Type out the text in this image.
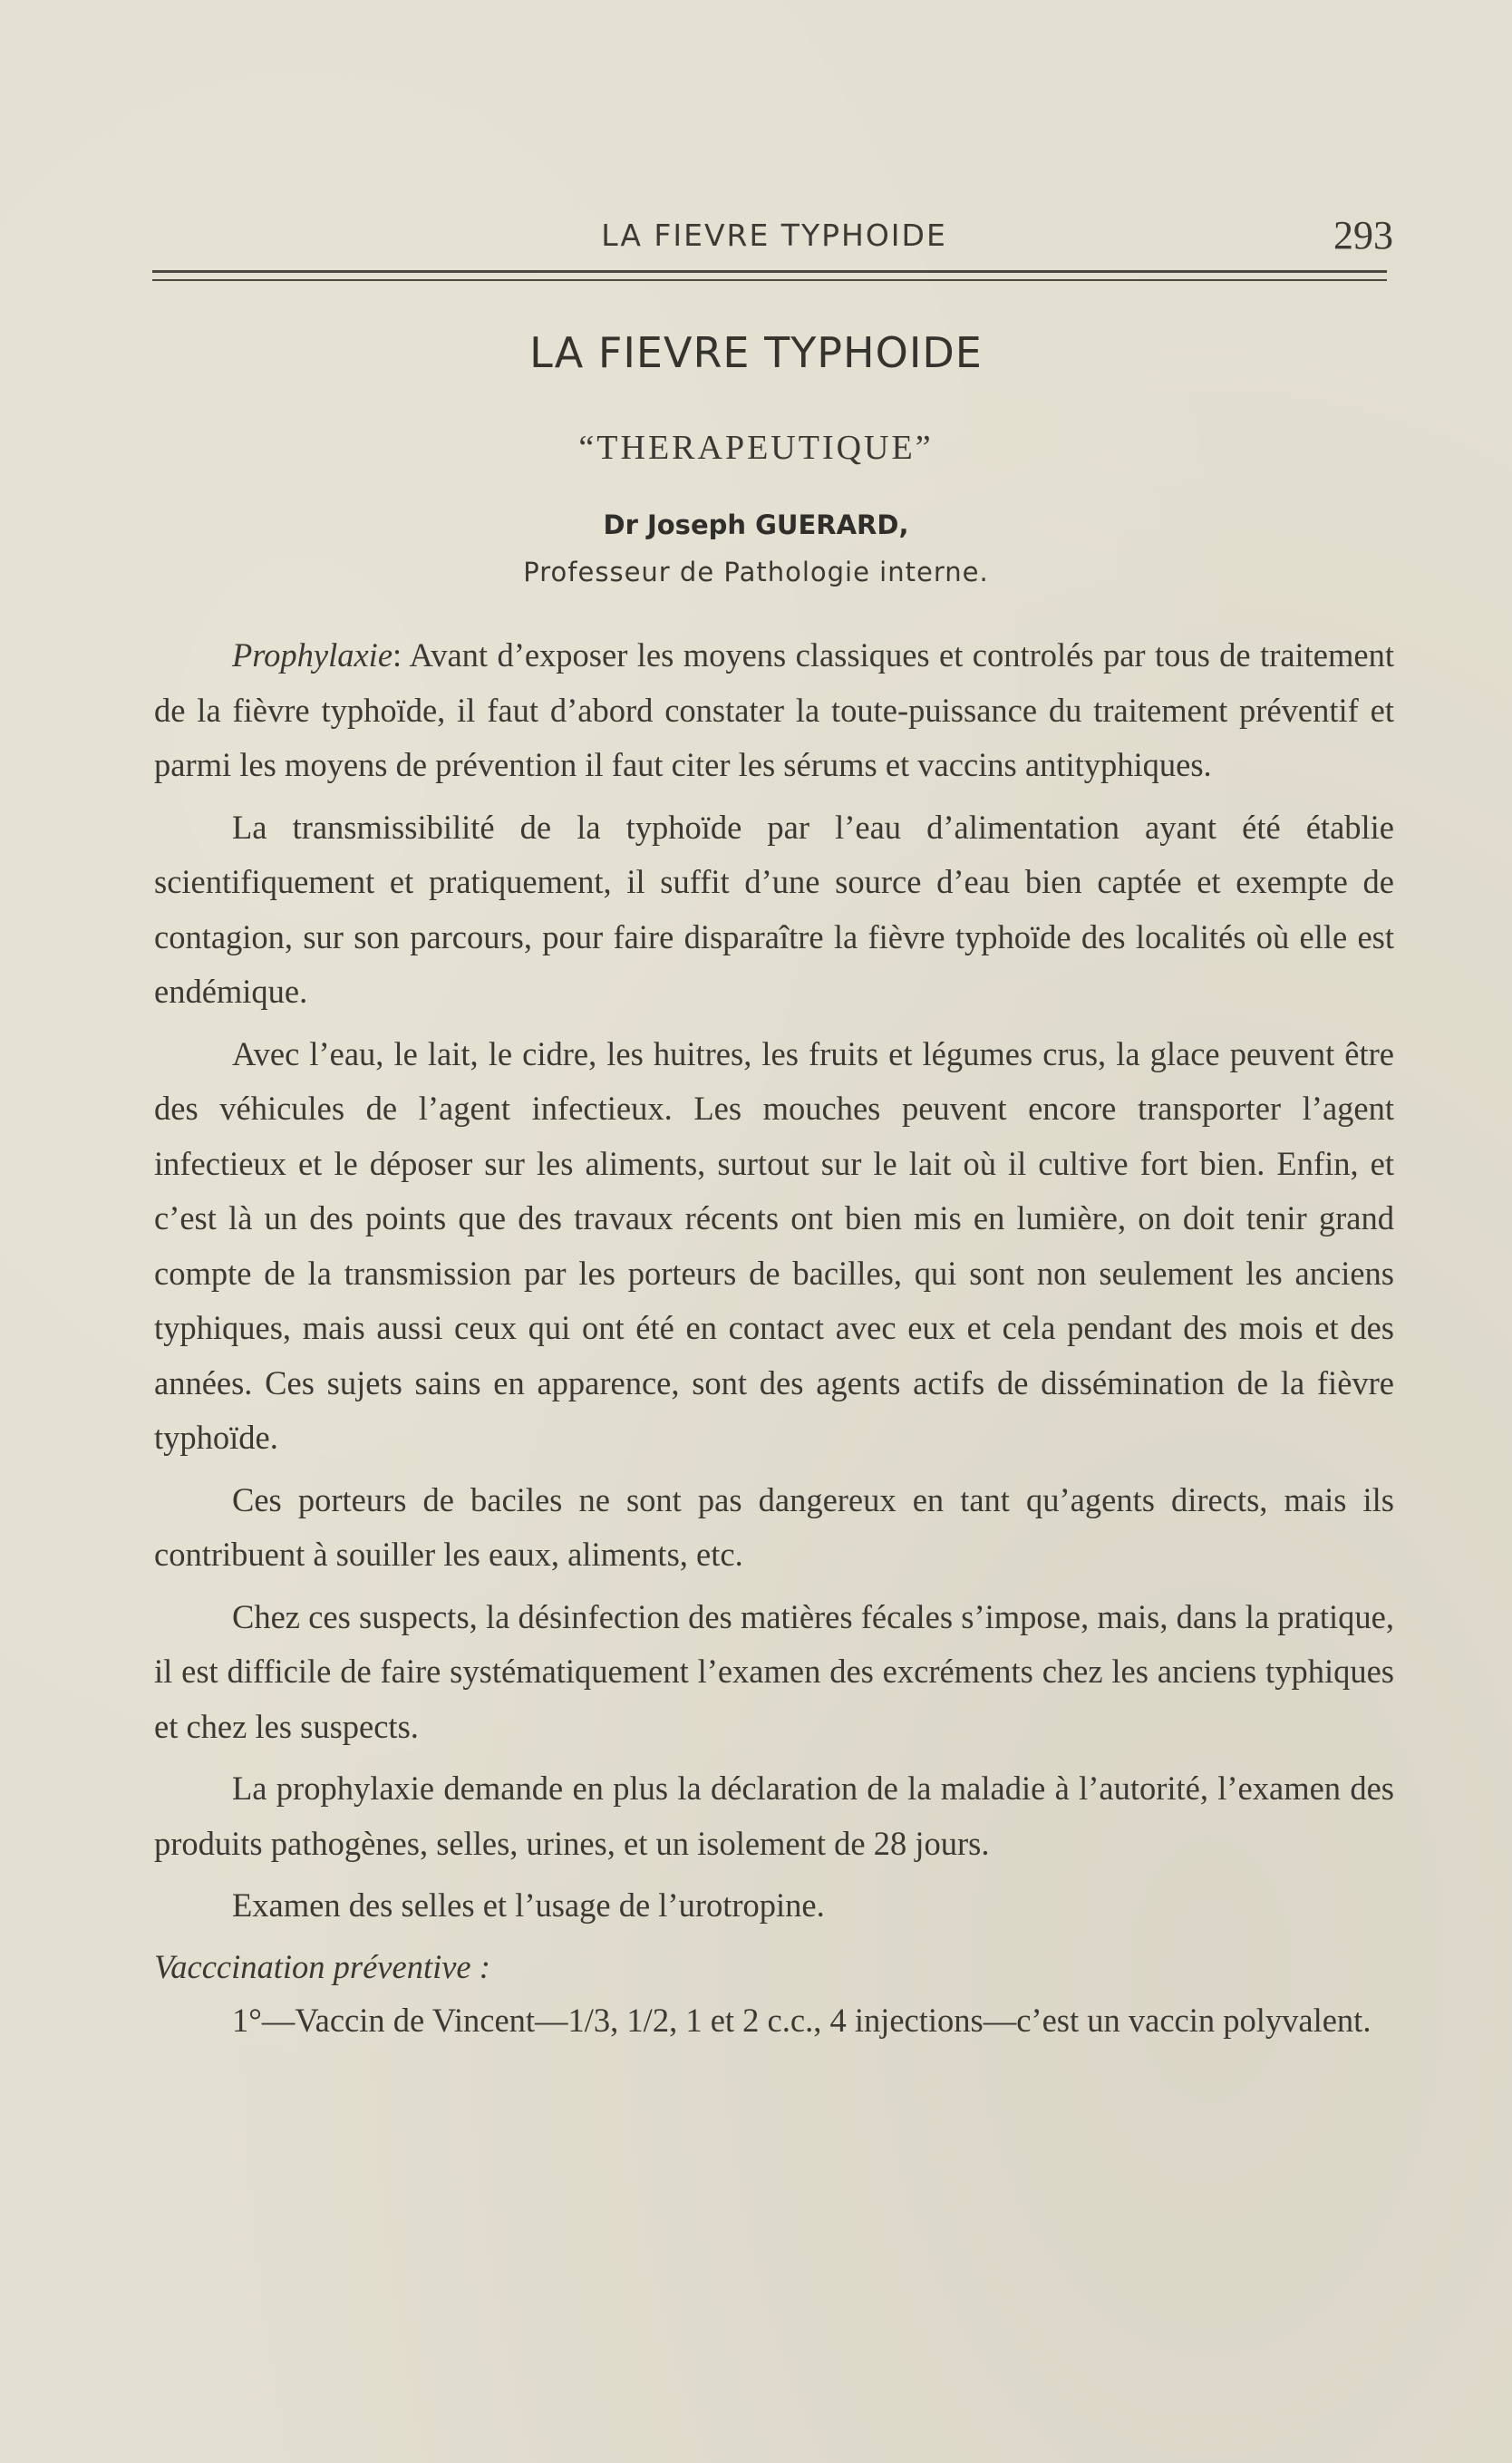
LA FIEVRE TYPHOIDE	293
LA FIEVRE TYPHOIDE
“THERAPEUTIQUE”
Dr Joseph GUERARD,
Professeur de Pathologie interne.

Prophylaxie: Avant d’exposer les moyens classiques et controlés par tous de traitement de la fièvre typhoïde, il faut d’abord constater la toute-puissance du traitement préventif et parmi les moyens de prévention il faut citer les sérums et vaccins antityphiques.

La transmissibilité de la typhoïde par l’eau d’alimentation ayant été établie scientifiquement et pratiquement, il suffit d’une source d’eau bien captée et exempte de contagion, sur son parcours, pour faire disparaître la fièvre typhoïde des localités où elle est endémique.

Avec l’eau, le lait, le cidre, les huitres, les fruits et légumes crus, la glace peuvent être des véhicules de l’agent infectieux. Les mouches peuvent encore transporter l’agent infectieux et le déposer sur les aliments, surtout sur le lait où il cultive fort bien. Enfin, et c’est là un des points que des travaux récents ont bien mis en lumière, on doit tenir grand compte de la transmission par les porteurs de bacilles, qui sont non seulement les anciens typhiques, mais aussi ceux qui ont été en contact avec eux et cela pendant des mois et des années. Ces sujets sains en apparence, sont des agents actifs de dissémination de la fièvre typhoïde.

Ces porteurs de baciles ne sont pas dangereux en tant qu’agents directs, mais ils contribuent à souiller les eaux, aliments, etc.

Chez ces suspects, la désinfection des matières fécales s’impose, mais, dans la pratique, il est difficile de faire systématiquement l’examen des excréments chez les anciens typhiques et chez les suspects.

La prophylaxie demande en plus la déclaration de la maladie à l’autorité, l’examen des produits pathogènes, selles, urines, et un isolement de 28 jours.

Examen des selles et l’usage de l’urotropine.

Vacccination préventive :

1°—Vaccin de Vincent—1/3, 1/2, 1 et 2 c.c., 4 injections—c’est un vaccin polyvalent.
